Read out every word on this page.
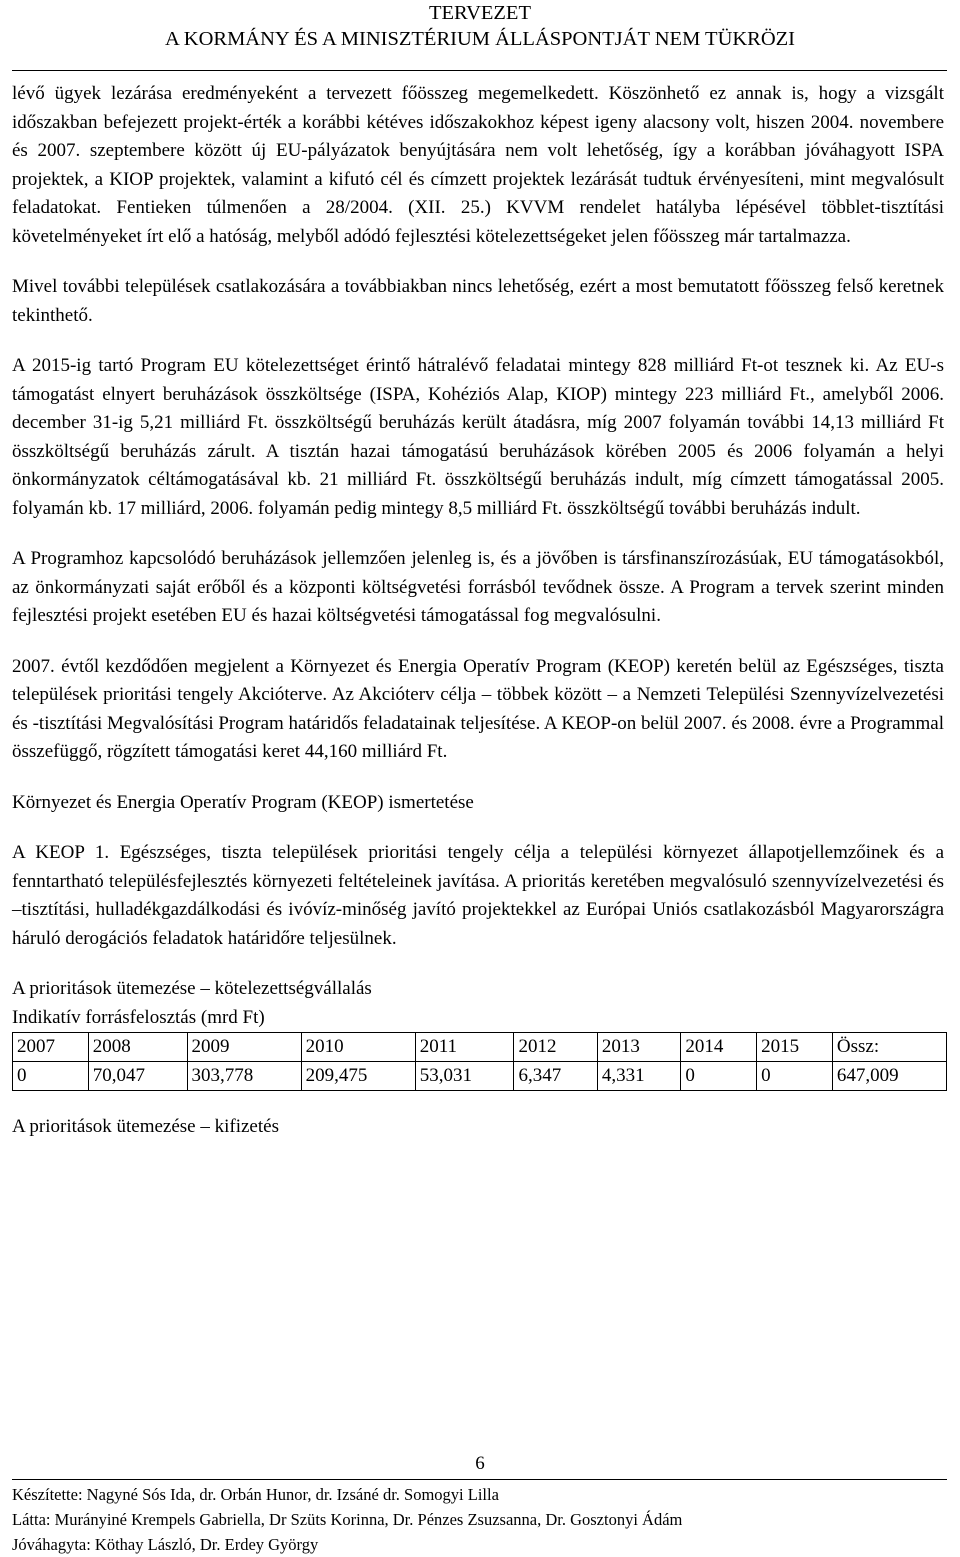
TERVEZET
A KORMÁNY ÉS A MINISZTÉRIUM ÁLLÁSPONTJÁT NEM TÜKRÖZI

lévő ügyek lezárása eredményeként a tervezett főösszeg megemelkedett. Köszönhető ez annak is, hogy a vizsgált időszakban befejezett projekt-érték a korábbi kétéves időszakokhoz képest igeny alacsony volt, hiszen 2004. novembere és 2007. szeptembere között új EU-pályázatok benyújtására nem volt lehetőség, így a korábban jóváhagyott ISPA projektek, a KIOP projektek, valamint a kifutó cél és címzett projektek lezárását tudtuk érvényesíteni, mint megvalósult feladatokat. Fentieken túlmenően a 28/2004. (XII. 25.) KVVM rendelet hatályba lépésével többlet-tisztítási követelményeket írt elő a hatóság, melyből adódó fejlesztési kötelezettségeket jelen főösszeg már tartalmazza.

Mivel további települések csatlakozására a továbbiakban nincs lehetőség, ezért a most bemutatott főösszeg felső keretnek tekinthető.

A 2015-ig tartó Program EU kötelezettséget érintő hátralévő feladatai mintegy 828 milliárd Ft-ot tesznek ki. Az EU-s támogatást elnyert beruházások összköltsége (ISPA, Kohéziós Alap, KIOP) mintegy 223 milliárd Ft., amelyből 2006. december 31-ig 5,21 milliárd Ft. összköltségű beruházás került átadásra, míg 2007 folyamán további 14,13 milliárd Ft összköltségű beruházás zárult. A tisztán hazai támogatású beruházások körében 2005 és 2006 folyamán a helyi önkormányzatok céltámogatásával kb. 21 milliárd Ft. összköltségű beruházás indult, míg címzett támogatással 2005. folyamán kb. 17 milliárd, 2006. folyamán pedig mintegy 8,5 milliárd Ft. összköltségű további beruházás indult.

A Programhoz kapcsolódó beruházások jellemzően jelenleg is, és a jövőben is társfinanszírozásúak, EU támogatásokból, az önkormányzati saját erőből és a központi költségvetési forrásból tevődnek össze. A Program a tervek szerint minden fejlesztési projekt esetében EU és hazai költségvetési támogatással fog megvalósulni.

2007. évtől kezdődően megjelent a Környezet és Energia Operatív Program (KEOP) keretén belül az Egészséges, tiszta települések prioritási tengely Akcióterve. Az Akcióterv célja – többek között – a Nemzeti Települési Szennyvízelvezetési és -tisztítási Megvalósítási Program határidős feladatainak teljesítése. A KEOP-on belül 2007. és 2008. évre a Programmal összefüggő, rögzített támogatási keret 44,160 milliárd Ft.

Környezet és Energia Operatív Program (KEOP) ismertetése

A KEOP 1. Egészséges, tiszta települések prioritási tengely célja a települési környezet állapotjellemzőinek és a fenntartható településfejlesztés környezeti feltételeinek javítása. A prioritás keretében megvalósuló szennyvízelvezetési és –tisztítási, hulladékgazdálkodási és ivóvíz-minőség javító projektekkel az Európai Uniós csatlakozásból Magyarországra háruló derogációs feladatok határidőre teljesülnek.

A prioritások ütemezése – kötelezettségvállalás

Indikatív forrásfelosztás (mrd Ft)

2007	2008	2009	2010	2011	2012	2013	2014	2015	Össz:
0	70,047	303,778	209,475	53,031	6,347	4,331	0	0	647,009

A prioritások ütemezése – kifizetés

6
Készítette: Nagyné Sós Ida, dr. Orbán Hunor, dr. Izsáné dr. Somogyi Lilla
Látta: Murányiné Krempels Gabriella, Dr Szüts Korinna, Dr. Pénzes Zsuzsanna, Dr. Gosztonyi Ádám
Jóváhagyta: Köthay László, Dr. Erdey György
